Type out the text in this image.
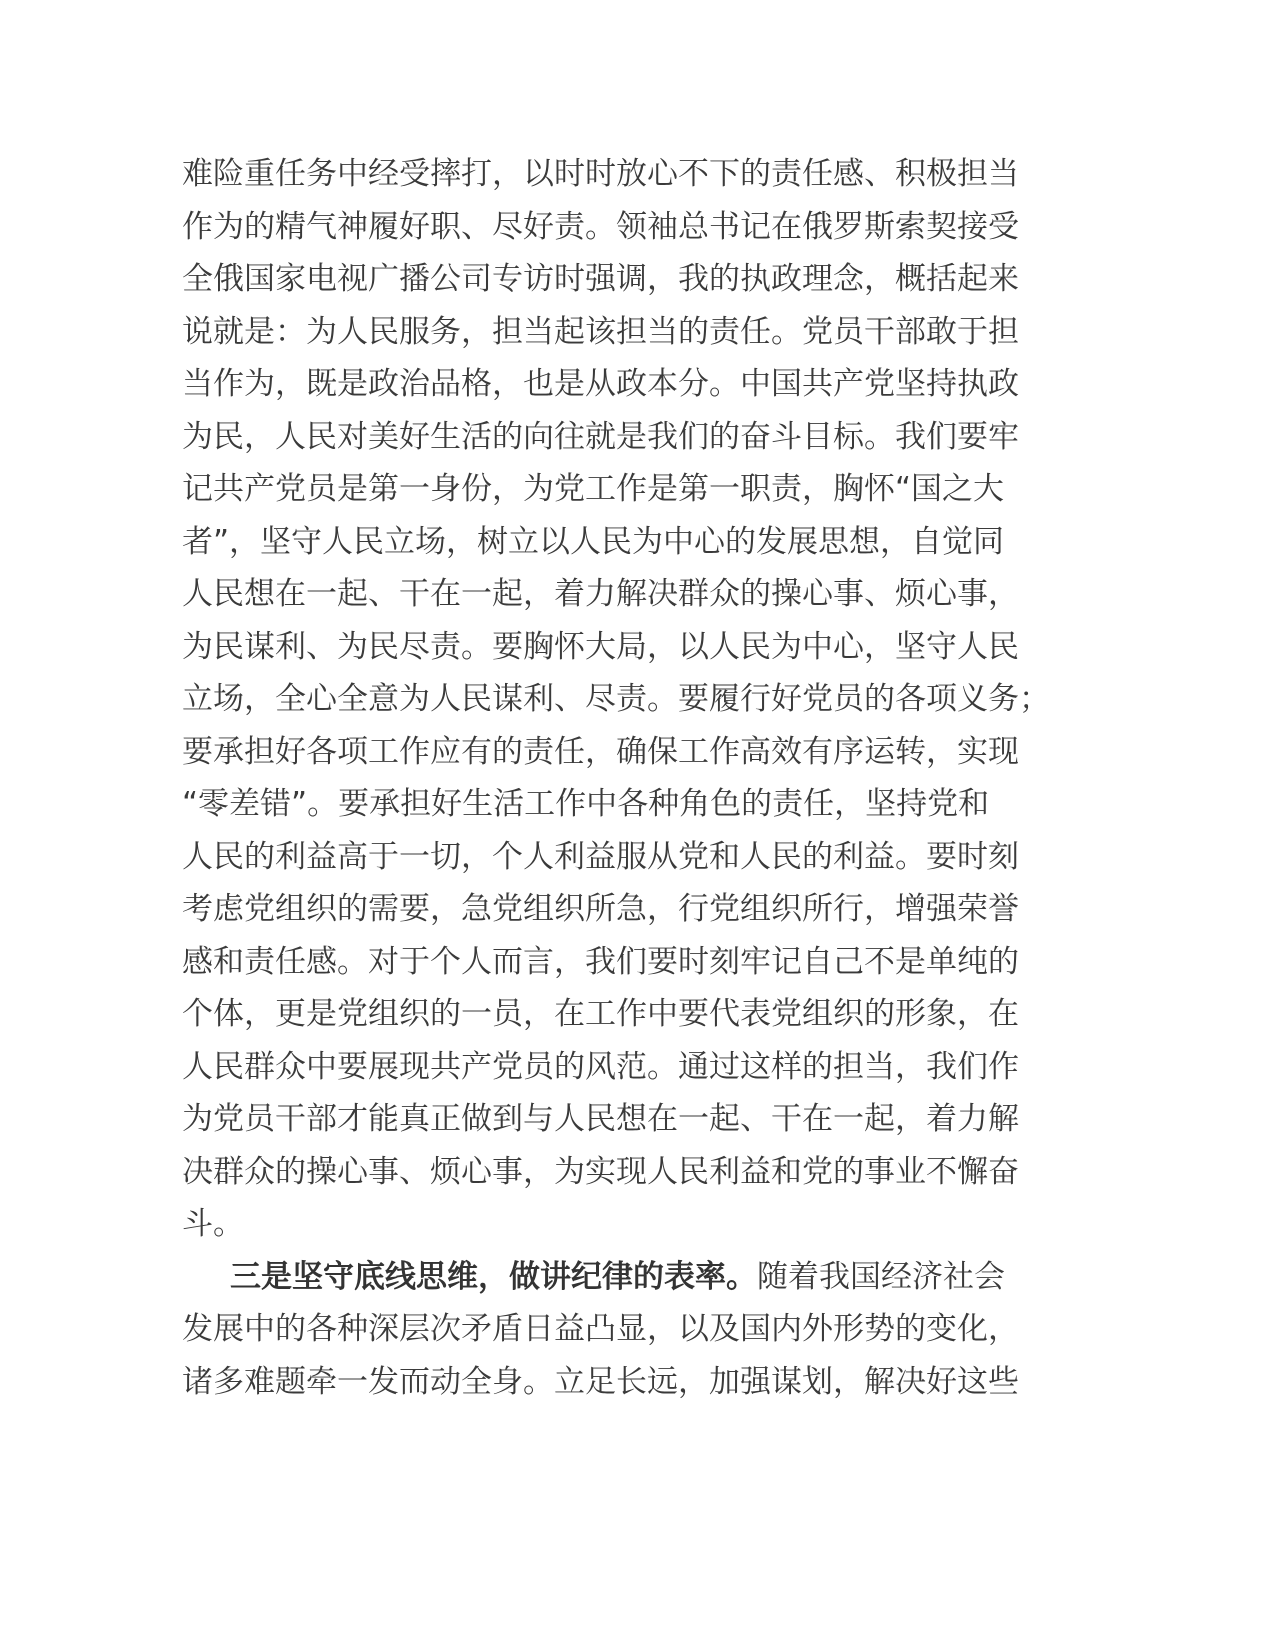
难险重任务中经受摔打，以时时放心不下的责任感、积极担当
作为的精气神履好职、尽好责。领袖总书记在俄罗斯索契接受
全俄国家电视广播公司专访时强调，我的执政理念，概括起来
说就是：为人民服务，担当起该担当的责任。党员干部敢于担
当作为，既是政治品格，也是从政本分。中国共产党坚持执政
为民，人民对美好生活的向往就是我们的奋斗目标。我们要牢
记共产党员是第一身份，为党工作是第一职责，胸怀“国之大
者”，坚守人民立场，树立以人民为中心的发展思想，自觉同
人民想在一起、干在一起，着力解决群众的操心事、烦心事，
为民谋利、为民尽责。要胸怀大局，以人民为中心，坚守人民
立场，全心全意为人民谋利、尽责。要履行好党员的各项义务；
要承担好各项工作应有的责任，确保工作高效有序运转，实现
“零差错”。要承担好生活工作中各种角色的责任，坚持党和
人民的利益高于一切，个人利益服从党和人民的利益。要时刻
考虑党组织的需要，急党组织所急，行党组织所行，增强荣誉
感和责任感。对于个人而言，我们要时刻牢记自己不是单纯的
个体，更是党组织的一员，在工作中要代表党组织的形象，在
人民群众中要展现共产党员的风范。通过这样的担当，我们作
为党员干部才能真正做到与人民想在一起、干在一起，着力解
决群众的操心事、烦心事，为实现人民利益和党的事业不懈奋
斗。
三是坚守底线思维，做讲纪律的表率。随着我国经济社会
发展中的各种深层次矛盾日益凸显，以及国内外形势的变化，
诸多难题牵一发而动全身。立足长远，加强谋划，解决好这些
